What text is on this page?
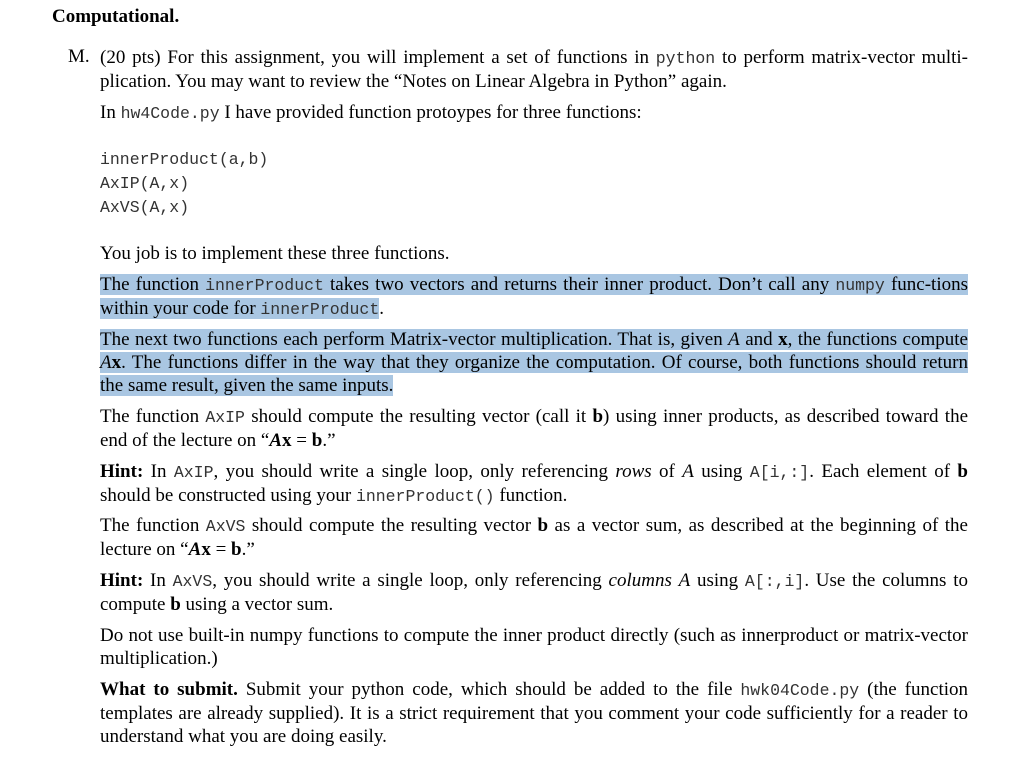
Computational.
M. (20 pts) For this assignment, you will implement a set of functions in python to perform matrix-vector multi-plication. You may want to review the “Notes on Linear Algebra in Python” again.

In hw4Code.py I have provided function protoypes for three functions:

innerProduct(a,b)
AxIP(A,x)
AxVS(A,x)

You job is to implement these three functions.

The function innerProduct takes two vectors and returns their inner product. Don’t call any numpy func-tions within your code for innerProduct.

The next two functions each perform Matrix-vector multiplication. That is, given A and x, the functions compute Ax. The functions differ in the way that they organize the computation. Of course, both functions should return the same result, given the same inputs.

The function AxIP should compute the resulting vector (call it b) using inner products, as described toward the end of the lecture on “Ax = b.”

Hint: In AxIP, you should write a single loop, only referencing rows of A using A[i,:]. Each element of b should be constructed using your innerProduct() function.

The function AxVS should compute the resulting vector b as a vector sum, as described at the beginning of the lecture on “Ax = b.”

Hint: In AxVS, you should write a single loop, only referencing columns A using A[:,i]. Use the columns to compute b using a vector sum.

Do not use built-in numpy functions to compute the inner product directly (such as innerproduct or matrix-vector multiplication.)

What to submit. Submit your python code, which should be added to the file hwk04Code.py (the function templates are already supplied). It is a strict requirement that you comment your code sufficiently for a reader to understand what you are doing easily.
